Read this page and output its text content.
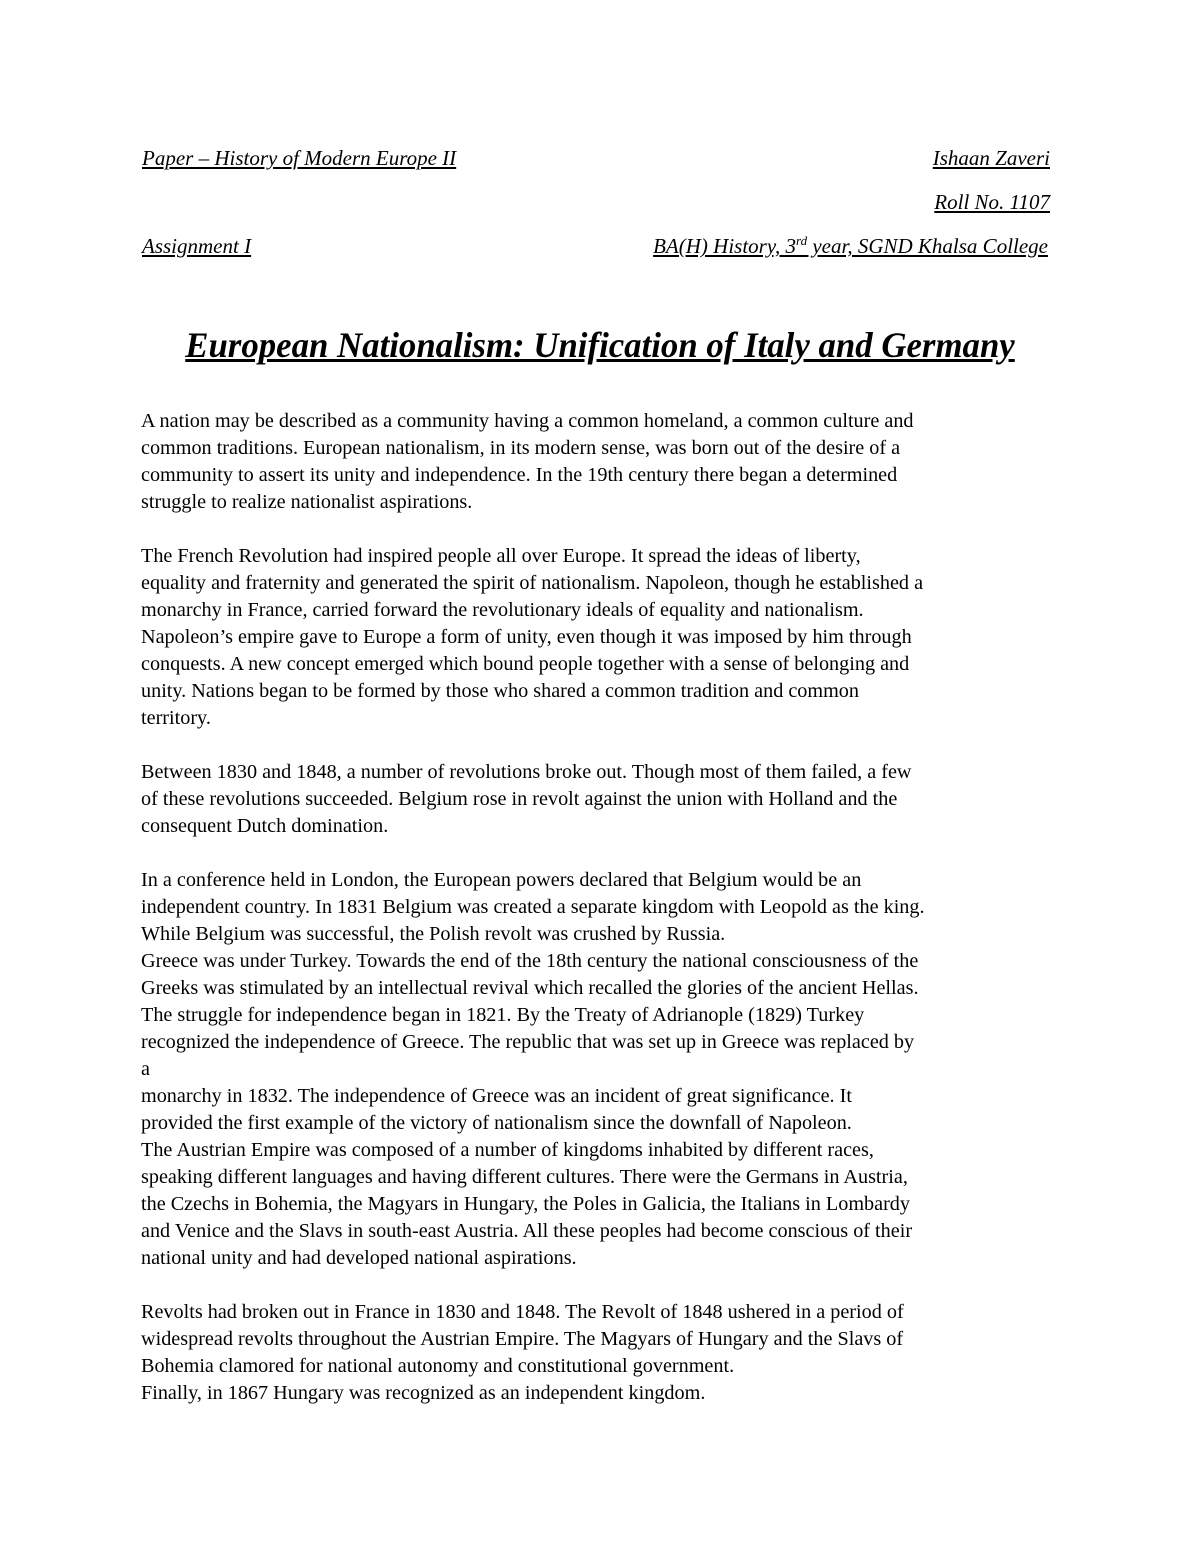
Paper – History of Modern Europe II	Ishaan Zaveri
Roll No. 1107
Assignment I	BA(H) History, 3rd year, SGND Khalsa College
European Nationalism: Unification of Italy and Germany

A nation may be described as a community having a common homeland, a common culture and

common traditions. European nationalism, in its modern sense, was born out of the desire of a

community to assert its unity and independence. In the 19th century there began a determined

struggle to realize nationalist aspirations.

The French Revolution had inspired people all over Europe. It spread the ideas of liberty,

equality and fraternity and generated the spirit of nationalism. Napoleon, though he established a

monarchy in France, carried forward the revolutionary ideals of equality and nationalism.

Napoleon’s empire gave to Europe a form of unity, even though it was imposed by him through

conquests. A new concept emerged which bound people together with a sense of belonging and

unity. Nations began to be formed by those who shared a common tradition and common

territory.

Between 1830 and 1848, a number of revolutions broke out. Though most of them failed, a few

of these revolutions succeeded. Belgium rose in revolt against the union with Holland and the

consequent Dutch domination.

In a conference held in London, the European powers declared that Belgium would be an

independent country. In 1831 Belgium was created a separate kingdom with Leopold as the king.

While Belgium was successful, the Polish revolt was crushed by Russia.

Greece was under Turkey. Towards the end of the 18th century the national consciousness of the

Greeks was stimulated by an intellectual revival which recalled the glories of the ancient Hellas.

The struggle for independence began in 1821. By the Treaty of Adrianople (1829) Turkey

recognized the independence of Greece. The republic that was set up in Greece was replaced by

a

monarchy in 1832. The independence of Greece was an incident of great significance. It

provided the first example of the victory of nationalism since the downfall of Napoleon.

The Austrian Empire was composed of a number of kingdoms inhabited by different races,

speaking different languages and having different cultures. There were the Germans in Austria,

the Czechs in Bohemia, the Magyars in Hungary, the Poles in Galicia, the Italians in Lombardy

and Venice and the Slavs in south-east Austria. All these peoples had become conscious of their

national unity and had developed national aspirations.

Revolts had broken out in France in 1830 and 1848. The Revolt of 1848 ushered in a period of

widespread revolts throughout the Austrian Empire. The Magyars of Hungary and the Slavs of

Bohemia clamored for national autonomy and constitutional government.

Finally, in 1867 Hungary was recognized as an independent kingdom.
